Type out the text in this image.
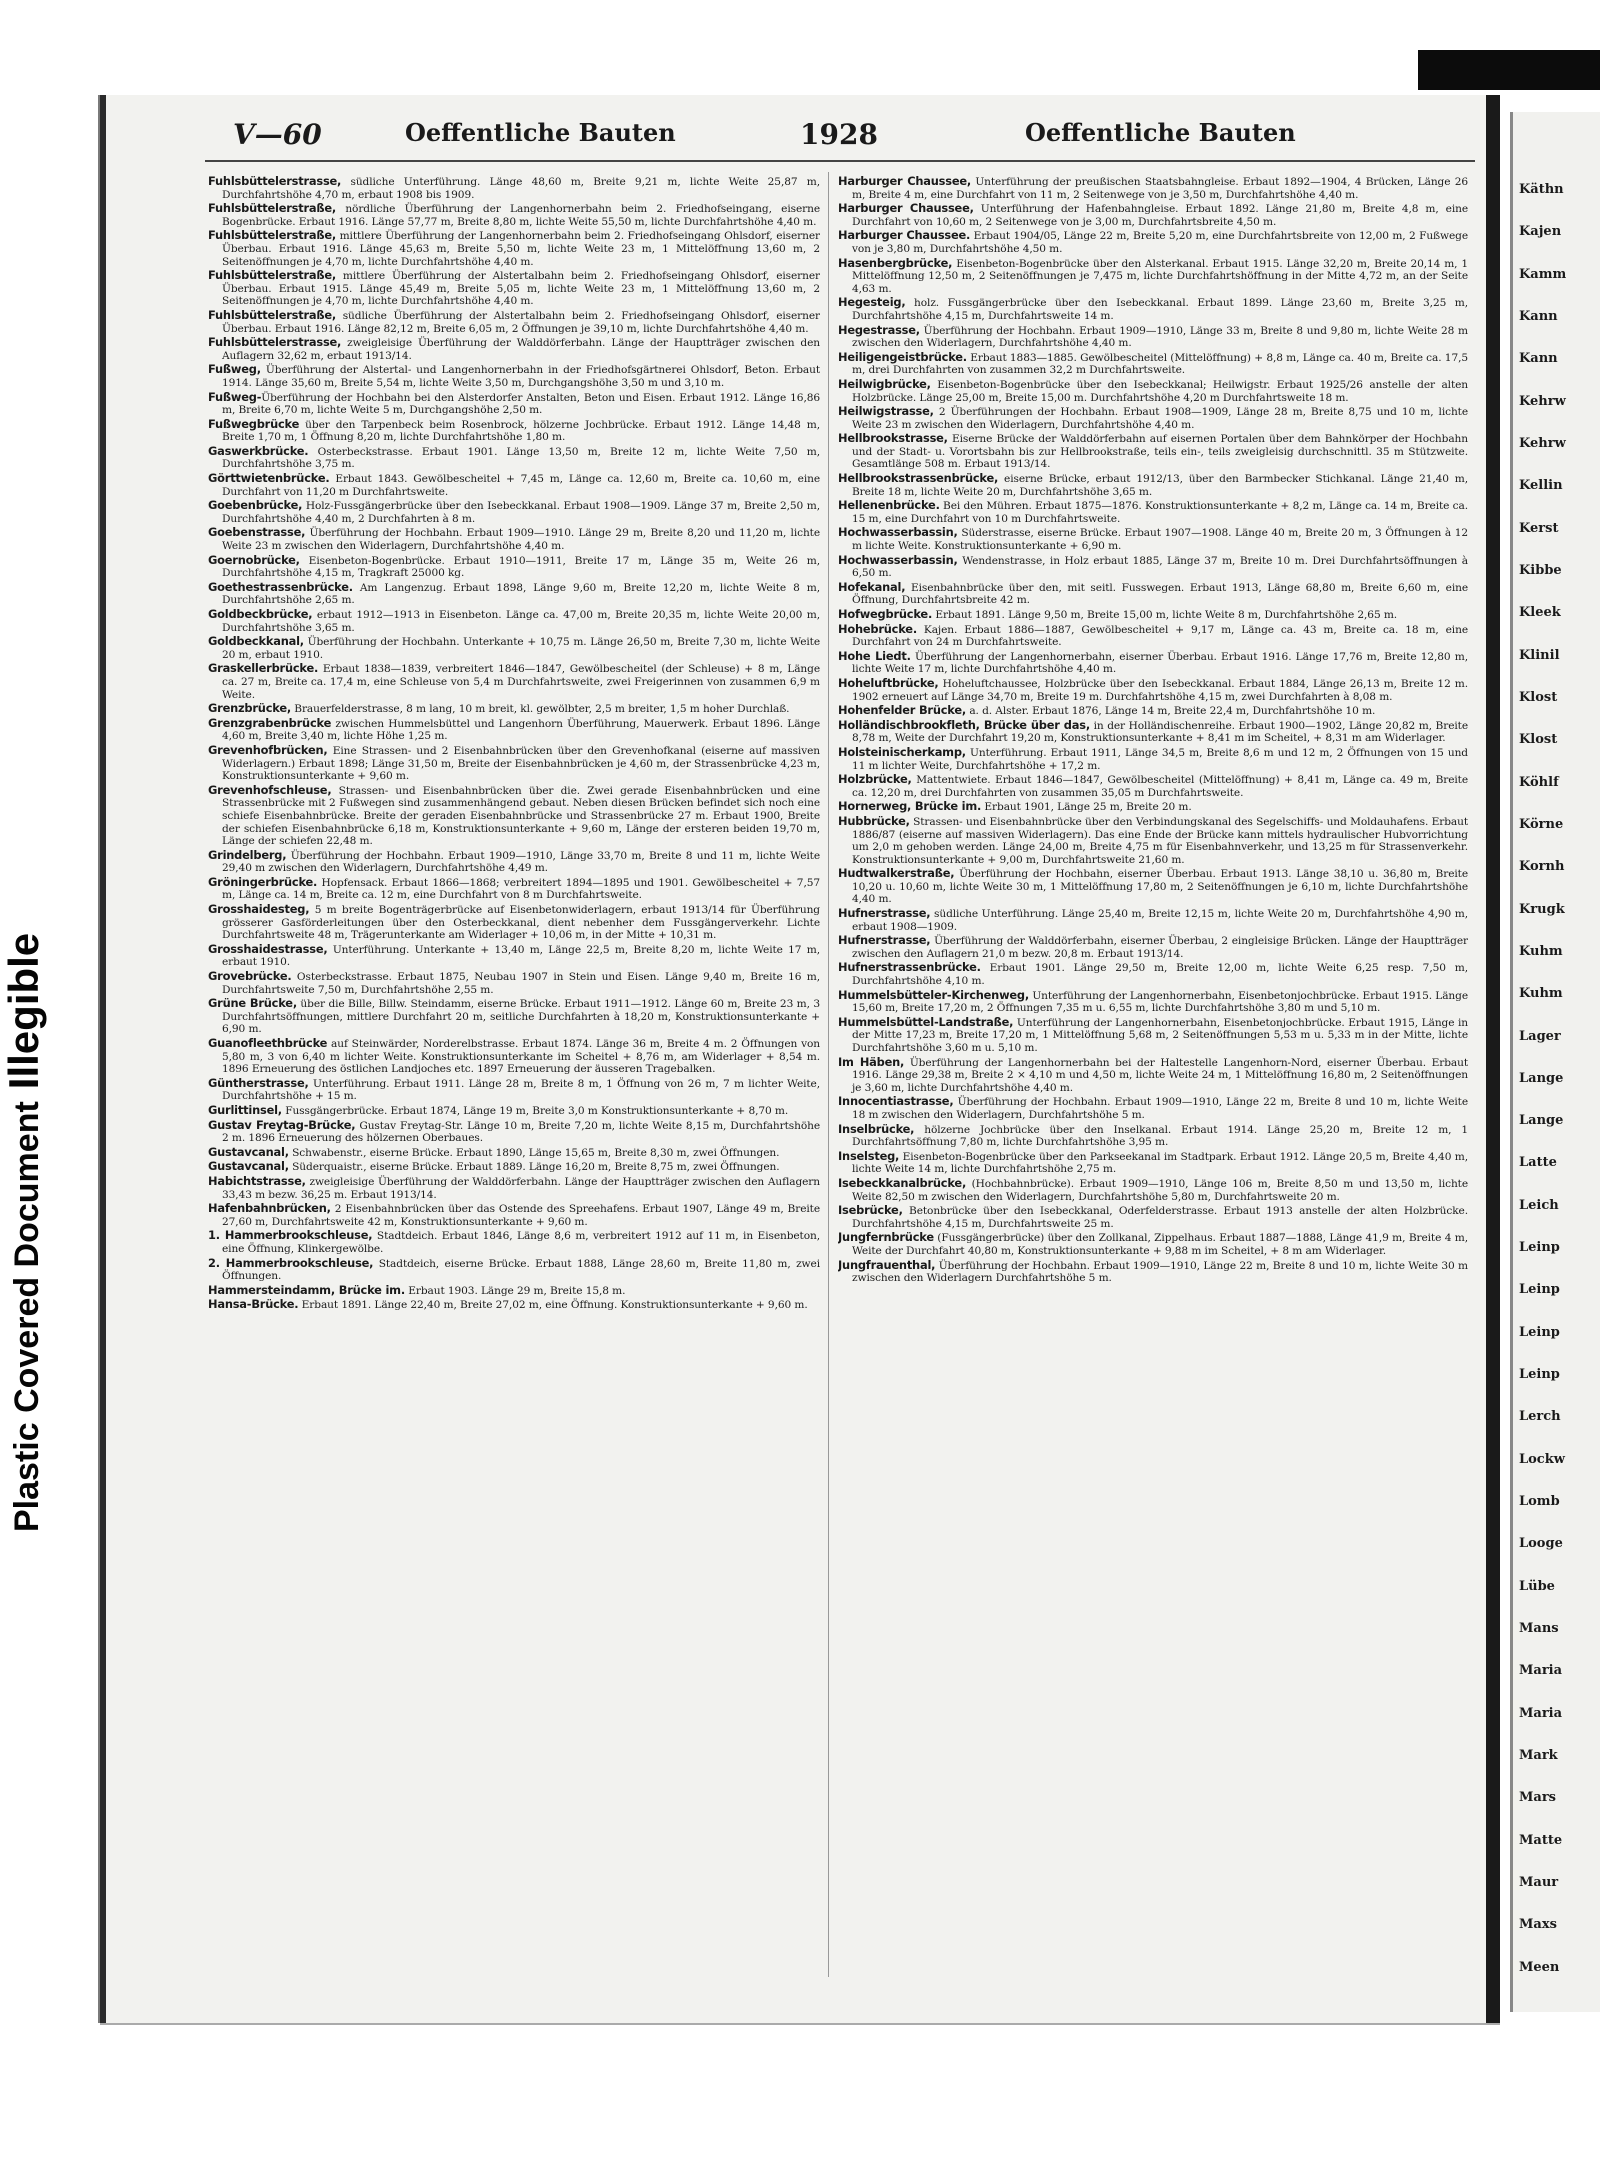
Plastic Covered Document
Illegible
Käthn
Kajen
Kamm
Kann
Kann
Kehrw
Kehrw
Kellin
Kerst
Kibbe
Kleek
Klinil
Klost
Klost
Köhlf
Körne
Kornh
Krugk
Kuhm
Kuhm
Lager
Lange
Lange
Latte
Leich
Leinp
Leinp
Leinp
Leinp
Lerch
Lockw
Lomb
Looge
Lübe
Mans
Maria
Maria
Mark
Mars
Matte
Maur
Maxs
Meen
V—60	Oeffentliche Bauten	1928	Oeffentliche Bauten

Fuhlsbüttelerstrasse, südliche Unterführung. Länge 48,60 m, Breite 9,21 m, lichte Weite 25,87 m, Durchfahrtshöhe 4,70 m, erbaut 1908 bis 1909.

Fuhlsbüttelerstraße, nördliche Überführung der Langenhornerbahn beim 2. Friedhofseingang, eiserne Bogenbrücke. Erbaut 1916. Länge 57,77 m, Breite 8,80 m, lichte Weite 55,50 m, lichte Durchfahrtshöhe 4,40 m.

Fuhlsbüttelerstraße, mittlere Überführung der Langenhornerbahn beim 2. Friedhofseingang Ohlsdorf, eiserner Überbau. Erbaut 1916. Länge 45,63 m, Breite 5,50 m, lichte Weite 23 m, 1 Mittelöffnung 13,60 m, 2 Seitenöffnungen je 4,70 m, lichte Durchfahrtshöhe 4,40 m.

Fuhlsbüttelerstraße, mittlere Überführung der Alstertalbahn beim 2. Friedhofseingang Ohlsdorf, eiserner Überbau. Erbaut 1915. Länge 45,49 m, Breite 5,05 m, lichte Weite 23 m, 1 Mittelöffnung 13,60 m, 2 Seitenöffnungen je 4,70 m, lichte Durchfahrtshöhe 4,40 m.

Fuhlsbüttelerstraße, südliche Überführung der Alstertalbahn beim 2. Friedhofseingang Ohlsdorf, eiserner Überbau. Erbaut 1916. Länge 82,12 m, Breite 6,05 m, 2 Öffnungen je 39,10 m, lichte Durchfahrtshöhe 4,40 m.

Fuhlsbüttelerstrasse, zweigleisige Überführung der Walddörferbahn. Länge der Hauptträger zwischen den Auflagern 32,62 m, erbaut 1913/14.

Fußweg, Überführung der Alstertal- und Langenhornerbahn in der Friedhofsgärtnerei Ohlsdorf, Beton. Erbaut 1914. Länge 35,60 m, Breite 5,54 m, lichte Weite 3,50 m, Durchgangshöhe 3,50 m und 3,10 m.

Fußweg-Überführung der Hochbahn bei den Alsterdorfer Anstalten, Beton und Eisen. Erbaut 1912. Länge 16,86 m, Breite 6,70 m, lichte Weite 5 m, Durchgangshöhe 2,50 m.

Fußwegbrücke über den Tarpenbeck beim Rosenbrock, hölzerne Jochbrücke. Erbaut 1912. Länge 14,48 m, Breite 1,70 m, 1 Öffnung 8,20 m, lichte Durchfahrtshöhe 1,80 m.

Gaswerkbrücke. Osterbeckstrasse. Erbaut 1901. Länge 13,50 m, Breite 12 m, lichte Weite 7,50 m, Durchfahrtshöhe 3,75 m.

Görttwietenbrücke. Erbaut 1843. Gewölbescheitel + 7,45 m, Länge ca. 12,60 m, Breite ca. 10,60 m, eine Durchfahrt von 11,20 m Durchfahrtsweite.

Goebenbrücke, Holz-Fussgängerbrücke über den Isebeckkanal. Erbaut 1908—1909. Länge 37 m, Breite 2,50 m, Durchfahrtshöhe 4,40 m, 2 Durchfahrten à 8 m.

Goebenstrasse, Überführung der Hochbahn. Erbaut 1909—1910. Länge 29 m, Breite 8,20 und 11,20 m, lichte Weite 23 m zwischen den Widerlagern, Durchfahrtshöhe 4,40 m.

Goernobrücke, Eisenbeton-Bogenbrücke. Erbaut 1910—1911, Breite 17 m, Länge 35 m, Weite 26 m, Durchfahrtshöhe 4,15 m, Tragkraft 25000 kg.

Goethestrassenbrücke. Am Langenzug. Erbaut 1898, Länge 9,60 m, Breite 12,20 m, lichte Weite 8 m, Durchfahrtshöhe 2,65 m.

Goldbeckbrücke, erbaut 1912—1913 in Eisenbeton. Länge ca. 47,00 m, Breite 20,35 m, lichte Weite 20,00 m, Durchfahrtshöhe 3,65 m.

Goldbeckkanal, Überführung der Hochbahn. Unterkante + 10,75 m. Länge 26,50 m, Breite 7,30 m, lichte Weite 20 m, erbaut 1910.

Graskellerbrücke. Erbaut 1838—1839, verbreitert 1846—1847, Gewölbescheitel (der Schleuse) + 8 m, Länge ca. 27 m, Breite ca. 17,4 m, eine Schleuse von 5,4 m Durchfahrtsweite, zwei Freigerinnen von zusammen 6,9 m Weite.

Grenzbrücke, Brauerfelderstrasse, 8 m lang, 10 m breit, kl. gewölbter, 2,5 m breiter, 1,5 m hoher Durchlaß.

Grenzgrabenbrücke zwischen Hummelsbüttel und Langenhorn Überführung, Mauerwerk. Erbaut 1896. Länge 4,60 m, Breite 3,40 m, lichte Höhe 1,25 m.

Grevenhofbrücken, Eine Strassen- und 2 Eisenbahnbrücken über den Grevenhofkanal (eiserne auf massiven Widerlagern.) Erbaut 1898; Länge 31,50 m, Breite der Eisenbahnbrücken je 4,60 m, der Strassenbrücke 4,23 m, Konstruktionsunterkante + 9,60 m.

Grevenhofschleuse, Strassen- und Eisenbahnbrücken über die. Zwei gerade Eisenbahnbrücken und eine Strassenbrücke mit 2 Fußwegen sind zusammenhängend gebaut. Neben diesen Brücken befindet sich noch eine schiefe Eisenbahnbrücke. Breite der geraden Eisenbahnbrücke und Strassenbrücke 27 m. Erbaut 1900, Breite der schiefen Eisenbahnbrücke 6,18 m, Konstruktionsunterkante + 9,60 m, Länge der ersteren beiden 19,70 m, Länge der schiefen 22,48 m.

Grindelberg, Überführung der Hochbahn. Erbaut 1909—1910, Länge 33,70 m, Breite 8 und 11 m, lichte Weite 29,40 m zwischen den Widerlagern, Durchfahrtshöhe 4,49 m.

Gröningerbrücke. Hopfensack. Erbaut 1866—1868; verbreitert 1894—1895 und 1901. Gewölbescheitel + 7,57 m, Länge ca. 14 m, Breite ca. 12 m, eine Durchfahrt von 8 m Durchfahrtsweite.

Grosshaidesteg, 5 m breite Bogenträgerbrücke auf Eisenbetonwiderlagern, erbaut 1913/14 für Überführung grösserer Gasförderleitungen über den Osterbeckkanal, dient nebenher dem Fussgängerverkehr. Lichte Durchfahrtsweite 48 m, Trägerunterkante am Widerlager + 10,06 m, in der Mitte + 10,31 m.

Grosshaidestrasse, Unterführung. Unterkante + 13,40 m, Länge 22,5 m, Breite 8,20 m, lichte Weite 17 m, erbaut 1910.

Grovebrücke. Osterbeckstrasse. Erbaut 1875, Neubau 1907 in Stein und Eisen. Länge 9,40 m, Breite 16 m, Durchfahrtsweite 7,50 m, Durchfahrtshöhe 2,55 m.

Grüne Brücke, über die Bille, Billw. Steindamm, eiserne Brücke. Erbaut 1911—1912. Länge 60 m, Breite 23 m, 3 Durchfahrtsöffnungen, mittlere Durchfahrt 20 m, seitliche Durchfahrten à 18,20 m, Konstruktionsunterkante + 6,90 m.

Guanofleethbrücke auf Steinwärder, Norderelbstrasse. Erbaut 1874. Länge 36 m, Breite 4 m. 2 Öffnungen von 5,80 m, 3 von 6,40 m lichter Weite. Konstruktionsunterkante im Scheitel + 8,76 m, am Widerlager + 8,54 m. 1896 Erneuerung des östlichen Landjoches etc. 1897 Erneuerung der äusseren Tragebalken.

Güntherstrasse, Unterführung. Erbaut 1911. Länge 28 m, Breite 8 m, 1 Öffnung von 26 m, 7 m lichter Weite, Durchfahrtshöhe + 15 m.

Gurlittinsel, Fussgängerbrücke. Erbaut 1874, Länge 19 m, Breite 3,0 m Konstruktionsunterkante + 8,70 m.

Gustav Freytag-Brücke, Gustav Freytag-Str. Länge 10 m, Breite 7,20 m, lichte Weite 8,15 m, Durchfahrtshöhe 2 m. 1896 Erneuerung des hölzernen Oberbaues.

Gustavcanal, Schwabenstr., eiserne Brücke. Erbaut 1890, Länge 15,65 m, Breite 8,30 m, zwei Öffnungen.

Gustavcanal, Süderquaistr., eiserne Brücke. Erbaut 1889. Länge 16,20 m, Breite 8,75 m, zwei Öffnungen.

Habichtstrasse, zweigleisige Überführung der Walddörferbahn. Länge der Hauptträger zwischen den Auflagern 33,43 m bezw. 36,25 m. Erbaut 1913/14.

Hafenbahnbrücken, 2 Eisenbahnbrücken über das Ostende des Spreehafens. Erbaut 1907, Länge 49 m, Breite 27,60 m, Durchfahrtsweite 42 m, Konstruktionsunterkante + 9,60 m.

1. Hammerbrookschleuse, Stadtdeich. Erbaut 1846, Länge 8,6 m, verbreitert 1912 auf 11 m, in Eisenbeton, eine Öffnung, Klinkergewölbe.

2. Hammerbrookschleuse, Stadtdeich, eiserne Brücke. Erbaut 1888, Länge 28,60 m, Breite 11,80 m, zwei Öffnungen.

Hammersteindamm, Brücke im. Erbaut 1903. Länge 29 m, Breite 15,8 m.

Hansa-Brücke. Erbaut 1891. Länge 22,40 m, Breite 27,02 m, eine Öffnung. Konstruktionsunterkante + 9,60 m.

Harburger Chaussee, Unterführung der preußischen Staatsbahngleise. Erbaut 1892—1904, 4 Brücken, Länge 26 m, Breite 4 m, eine Durchfahrt von 11 m, 2 Seitenwege von je 3,50 m, Durchfahrtshöhe 4,40 m.

Harburger Chaussee, Unterführung der Hafenbahngleise. Erbaut 1892. Länge 21,80 m, Breite 4,8 m, eine Durchfahrt von 10,60 m, 2 Seitenwege von je 3,00 m, Durchfahrtsbreite 4,50 m.

Harburger Chaussee. Erbaut 1904/05, Länge 22 m, Breite 5,20 m, eine Durchfahrtsbreite von 12,00 m, 2 Fußwege von je 3,80 m, Durchfahrtshöhe 4,50 m.

Hasenbergbrücke, Eisenbeton-Bogenbrücke über den Alsterkanal. Erbaut 1915. Länge 32,20 m, Breite 20,14 m, 1 Mittelöffnung 12,50 m, 2 Seitenöffnungen je 7,475 m, lichte Durchfahrtshöffnung in der Mitte 4,72 m, an der Seite 4,63 m.

Hegesteig, holz. Fussgängerbrücke über den Isebeckkanal. Erbaut 1899. Länge 23,60 m, Breite 3,25 m, Durchfahrtshöhe 4,15 m, Durchfahrtsweite 14 m.

Hegestrasse, Überführung der Hochbahn. Erbaut 1909—1910, Länge 33 m, Breite 8 und 9,80 m, lichte Weite 28 m zwischen den Widerlagern, Durchfahrtshöhe 4,40 m.

Heiligengeistbrücke. Erbaut 1883—1885. Gewölbescheitel (Mittelöffnung) + 8,8 m, Länge ca. 40 m, Breite ca. 17,5 m, drei Durchfahrten von zusammen 32,2 m Durchfahrtsweite.

Heilwigbrücke, Eisenbeton-Bogenbrücke über den Isebeckkanal; Heilwigstr. Erbaut 1925/26 anstelle der alten Holzbrücke. Länge 25,00 m, Breite 15,00 m. Durchfahrtshöhe 4,20 m Durchfahrtsweite 18 m.

Heilwigstrasse, 2 Überführungen der Hochbahn. Erbaut 1908—1909, Länge 28 m, Breite 8,75 und 10 m, lichte Weite 23 m zwischen den Widerlagern, Durchfahrtshöhe 4,40 m.

Hellbrookstrasse, Eiserne Brücke der Walddörferbahn auf eisernen Portalen über dem Bahnkörper der Hochbahn und der Stadt- u. Vorortsbahn bis zur Hellbrookstraße, teils ein-, teils zweigleisig durchschnittl. 35 m Stützweite. Gesamtlänge 508 m. Erbaut 1913/14.

Hellbrookstrassenbrücke, eiserne Brücke, erbaut 1912/13, über den Barmbecker Stichkanal. Länge 21,40 m, Breite 18 m, lichte Weite 20 m, Durchfahrtshöhe 3,65 m.

Hellenenbrücke. Bei den Mühren. Erbaut 1875—1876. Konstruktionsunterkante + 8,2 m, Länge ca. 14 m, Breite ca. 15 m, eine Durchfahrt von 10 m Durchfahrtsweite.

Hochwasserbassin, Süderstrasse, eiserne Brücke. Erbaut 1907—1908. Länge 40 m, Breite 20 m, 3 Öffnungen à 12 m lichte Weite. Konstruktionsunterkante + 6,90 m.

Hochwasserbassin, Wendenstrasse, in Holz erbaut 1885, Länge 37 m, Breite 10 m. Drei Durchfahrtsöffnungen à 6,50 m.

Hofekanal, Eisenbahnbrücke über den, mit seitl. Fusswegen. Erbaut 1913, Länge 68,80 m, Breite 6,60 m, eine Öffnung, Durchfahrtsbreite 42 m.

Hofwegbrücke. Erbaut 1891. Länge 9,50 m, Breite 15,00 m, lichte Weite 8 m, Durchfahrtshöhe 2,65 m.

Hohebrücke. Kajen. Erbaut 1886—1887, Gewölbescheitel + 9,17 m, Länge ca. 43 m, Breite ca. 18 m, eine Durchfahrt von 24 m Durchfahrtsweite.

Hohe Liedt. Überführung der Langenhornerbahn, eiserner Überbau. Erbaut 1916. Länge 17,76 m, Breite 12,80 m, lichte Weite 17 m, lichte Durchfahrtshöhe 4,40 m.

Hoheluftbrücke, Hoheluftchaussee, Holzbrücke über den Isebeckkanal. Erbaut 1884, Länge 26,13 m, Breite 12 m. 1902 erneuert auf Länge 34,70 m, Breite 19 m. Durchfahrtshöhe 4,15 m, zwei Durchfahrten à 8,08 m.

Hohenfelder Brücke, a. d. Alster. Erbaut 1876, Länge 14 m, Breite 22,4 m, Durchfahrtshöhe 10 m.

Holländischbrookfleth, Brücke über das, in der Holländischenreihe. Erbaut 1900—1902, Länge 20,82 m, Breite 8,78 m, Weite der Durchfahrt 19,20 m, Konstruktionsunterkante + 8,41 m im Scheitel, + 8,31 m am Widerlager.

Holsteinischerkamp, Unterführung. Erbaut 1911, Länge 34,5 m, Breite 8,6 m und 12 m, 2 Öffnungen von 15 und 11 m lichter Weite, Durchfahrtshöhe + 17,2 m.

Holzbrücke, Mattentwiete. Erbaut 1846—1847, Gewölbescheitel (Mittelöffnung) + 8,41 m, Länge ca. 49 m, Breite ca. 12,20 m, drei Durchfahrten von zusammen 35,05 m Durchfahrtsweite.

Hornerweg, Brücke im. Erbaut 1901, Länge 25 m, Breite 20 m.

Hubbrücke, Strassen- und Eisenbahnbrücke über den Verbindungskanal des Segelschiffs- und Moldauhafens. Erbaut 1886/87 (eiserne auf massiven Widerlagern). Das eine Ende der Brücke kann mittels hydraulischer Hubvorrichtung um 2,0 m gehoben werden. Länge 24,00 m, Breite 4,75 m für Eisenbahnverkehr, und 13,25 m für Strassenverkehr. Konstruktionsunterkante + 9,00 m, Durchfahrtsweite 21,60 m.

Hudtwalkerstraße, Überführung der Hochbahn, eiserner Überbau. Erbaut 1913. Länge 38,10 u. 36,80 m, Breite 10,20 u. 10,60 m, lichte Weite 30 m, 1 Mittelöffnung 17,80 m, 2 Seitenöffnungen je 6,10 m, lichte Durchfahrtshöhe 4,40 m.

Hufnerstrasse, südliche Unterführung. Länge 25,40 m, Breite 12,15 m, lichte Weite 20 m, Durchfahrtshöhe 4,90 m, erbaut 1908—1909.

Hufnerstrasse, Überführung der Walddörferbahn, eiserner Überbau, 2 eingleisige Brücken. Länge der Hauptträger zwischen den Auflagern 21,0 m bezw. 20,8 m. Erbaut 1913/14.

Hufnerstrassenbrücke. Erbaut 1901. Länge 29,50 m, Breite 12,00 m, lichte Weite 6,25 resp. 7,50 m, Durchfahrtshöhe 4,10 m.

Hummelsbütteler-Kirchenweg, Unterführung der Langenhornerbahn, Eisenbetonjochbrücke. Erbaut 1915. Länge 15,60 m, Breite 17,20 m, 2 Öffnungen 7,35 m u. 6,55 m, lichte Durchfahrtshöhe 3,80 m und 5,10 m.

Hummelsbüttel-Landstraße, Unterführung der Langenhornerbahn, Eisenbetonjochbrücke. Erbaut 1915, Länge in der Mitte 17,23 m, Breite 17,20 m, 1 Mittelöffnung 5,68 m, 2 Seitenöffnungen 5,53 m u. 5,33 m in der Mitte, lichte Durchfahrtshöhe 3,60 m u. 5,10 m.

Im Häben, Überführung der Langenhornerbahn bei der Haltestelle Langenhorn-Nord, eiserner Überbau. Erbaut 1916. Länge 29,38 m, Breite 2 × 4,10 m und 4,50 m, lichte Weite 24 m, 1 Mittelöffnung 16,80 m, 2 Seitenöffnungen je 3,60 m, lichte Durchfahrtshöhe 4,40 m.

Innocentiastrasse, Überführung der Hochbahn. Erbaut 1909—1910, Länge 22 m, Breite 8 und 10 m, lichte Weite 18 m zwischen den Widerlagern, Durchfahrtshöhe 5 m.

Inselbrücke, hölzerne Jochbrücke über den Inselkanal. Erbaut 1914. Länge 25,20 m, Breite 12 m, 1 Durchfahrtsöffnung 7,80 m, lichte Durchfahrtshöhe 3,95 m.

Inselsteg, Eisenbeton-Bogenbrücke über den Parkseekanal im Stadtpark. Erbaut 1912. Länge 20,5 m, Breite 4,40 m, lichte Weite 14 m, lichte Durchfahrtshöhe 2,75 m.

Isebeckkanalbrücke, (Hochbahnbrücke). Erbaut 1909—1910, Länge 106 m, Breite 8,50 m und 13,50 m, lichte Weite 82,50 m zwischen den Widerlagern, Durchfahrtshöhe 5,80 m, Durchfahrtsweite 20 m.

Isebrücke, Betonbrücke über den Isebeckkanal, Oderfelderstrasse. Erbaut 1913 anstelle der alten Holzbrücke. Durchfahrtshöhe 4,15 m, Durchfahrtsweite 25 m.

Jungfernbrücke (Fussgängerbrücke) über den Zollkanal, Zippelhaus. Erbaut 1887—1888, Länge 41,9 m, Breite 4 m, Weite der Durchfahrt 40,80 m, Konstruktionsunterkante + 9,88 m im Scheitel, + 8 m am Widerlager.

Jungfrauenthal, Überführung der Hochbahn. Erbaut 1909—1910, Länge 22 m, Breite 8 und 10 m, lichte Weite 30 m zwischen den Widerlagern Durchfahrtshöhe 5 m.
